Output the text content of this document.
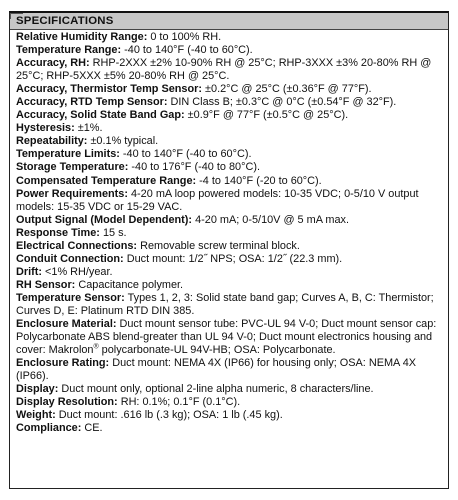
SPECIFICATIONS

Relative Humidity Range: 0 to 100% RH.

Temperature Range: -40 to 140°F (-40 to 60°C).

Accuracy, RH: RHP-2XXX ±2% 10-90% RH @ 25°C; RHP-3XXX ±3% 20-80% RH @ 25°C; RHP-5XXX ±5% 20-80% RH @ 25°C.

Accuracy, Thermistor Temp Sensor: ±0.2°C @ 25°C (±0.36°F @ 77°F).

Accuracy, RTD Temp Sensor: DIN Class B; ±0.3°C @ 0°C (±0.54°F @ 32°F).

Accuracy, Solid State Band Gap: ±0.9°F @ 77°F (±0.5°C @ 25°C).

Hysteresis: ±1%.

Repeatability: ±0.1% typical.

Temperature Limits: -40 to 140°F (-40 to 60°C).

Storage Temperature: -40 to 176°F (-40 to 80°C).

Compensated Temperature Range: -4 to 140°F (-20 to 60°C).

Power Requirements: 4-20 mA loop powered models: 10-35 VDC; 0-5/10 V output models: 15-35 VDC or 15-29 VAC.

Output Signal (Model Dependent): 4-20 mA; 0-5/10V @ 5 mA max.

Response Time: 15 s.

Electrical Connections: Removable screw terminal block.

Conduit Connection: Duct mount: 1/2˝ NPS; OSA: 1/2˝ (22.3 mm).

Drift: <1% RH/year.

RH Sensor: Capacitance polymer.

Temperature Sensor: Types 1, 2, 3: Solid state band gap; Curves A, B, C: Thermistor; Curves D, E: Platinum RTD DIN 385.

Enclosure Material: Duct mount sensor tube: PVC-UL 94 V-0; Duct mount sensor cap: Polycarbonate ABS blend-greater than UL 94 V-0; Duct mount electronics housing and cover: Makrolon® polycarbonate-UL 94V-HB; OSA: Polycarbonate.

Enclosure Rating: Duct mount: NEMA 4X (IP66) for housing only; OSA: NEMA 4X (IP66).

Display: Duct mount only, optional 2-line alpha numeric, 8 characters/line.

Display Resolution: RH: 0.1%; 0.1°F (0.1°C).

Weight: Duct mount: .616 lb (.3 kg); OSA: 1 lb (.45 kg).

Compliance: CE.
